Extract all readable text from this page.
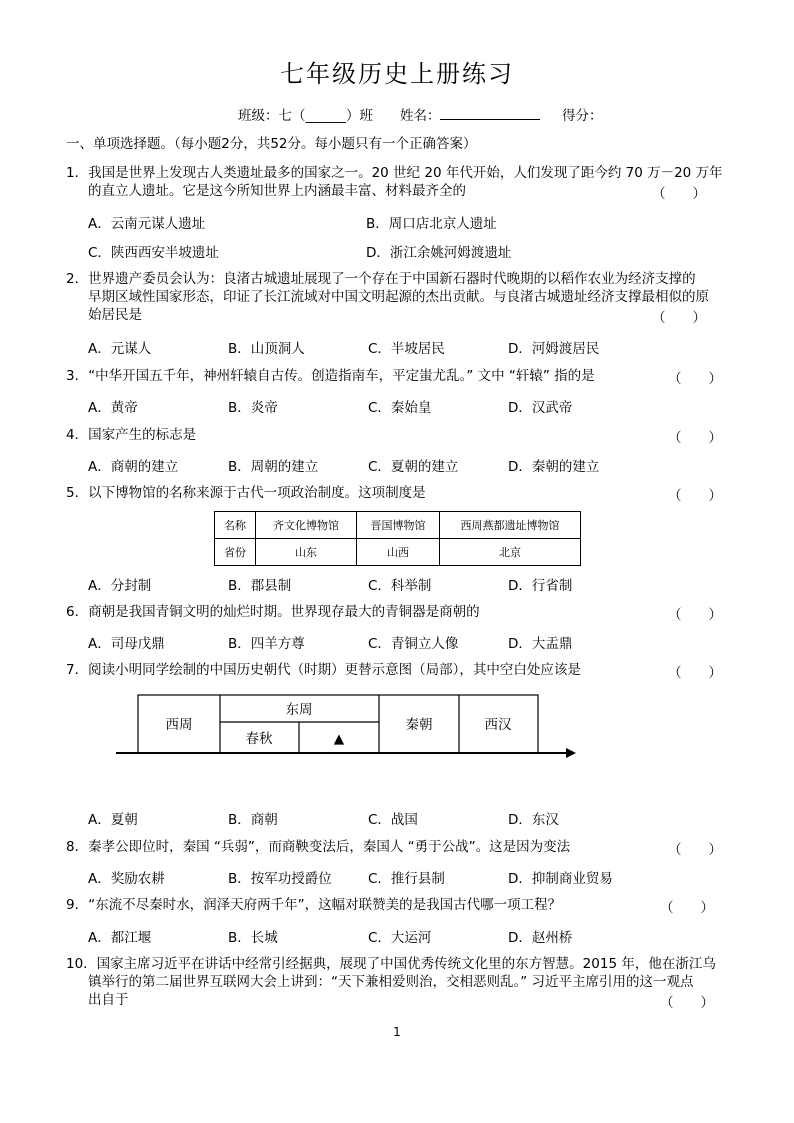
七年级历史上册练习
班级：七（______）班 姓名：	得分：
一、单项选择题。（每小题2分，共52分。每小题只有一个正确答案）
1．我国是世界上发现古人类遗址最多的国家之一。20 世纪 20 年代开始，人们发现了距今约 70 万－20 万年
的直立人遗址。它是这今所知世界上内涵最丰富、材料最齐全的	（　　）
A．云南元谋人遗址	B．周口店北京人遗址
C．陕西西安半坡遗址	D．浙江余姚河姆渡遗址
2．世界遗产委员会认为：良渚古城遗址展现了一个存在于中国新石器时代晚期的以稻作农业为经济支撑的
早期区域性国家形态，印证了长江流域对中国文明起源的杰出贡献。与良渚古城遗址经济支撑最相似的原
始居民是	（　　）
A．元谋人	B．山顶洞人	C．半坡居民	D．河姆渡居民
3．“中华开国五千年，神州轩辕自古传。创造指南车，平定蚩尤乱。” 文中 “轩辕” 指的是	（　　）
A．黄帝	B．炎帝	C．秦始皇	D．汉武帝
4．国家产生的标志是	（　　）
A．商朝的建立	B．周朝的建立	C．夏朝的建立	D．秦朝的建立
5．以下博物馆的名称来源于古代一项政治制度。这项制度是	（　　）
名称	齐文化博物馆	晋国博物馆	西周燕都遗址博物馆
省份	山东	山西	北京
A．分封制	B．郡县制	C．科举制	D．行省制
6．商朝是我国青铜文明的灿烂时期。世界现存最大的青铜器是商朝的	（　　）
A．司母戊鼎	B．四羊方尊	C．青铜立人像	D．大盂鼎
7．阅读小明同学绘制的中国历史朝代（时期）更替示意图（局部），其中空白处应该是	（　　）
西周
东周
春秋	▲
秦朝	西汉
A．夏朝	B．商朝	C．战国	D．东汉
8．秦孝公即位时，秦国 “兵弱”，而商鞅变法后，秦国人 “勇于公战”。这是因为变法	（　　）
A．奖励农耕	B．按军功授爵位	C．推行县制	D．抑制商业贸易
9．“东流不尽秦时水，润泽天府两千年”，这幅对联赞美的是我国古代哪一项工程？	（　　）
A．都江堰	B．长城	C．大运河	D．赵州桥
10．国家主席习近平在讲话中经常引经据典，展现了中国优秀传统文化里的东方智慧。2015 年，他在浙江乌
镇举行的第二届世界互联网大会上讲到：“天下兼相爱则治，交相恶则乱。” 习近平主席引用的这一观点
出自于	（　　）
1
